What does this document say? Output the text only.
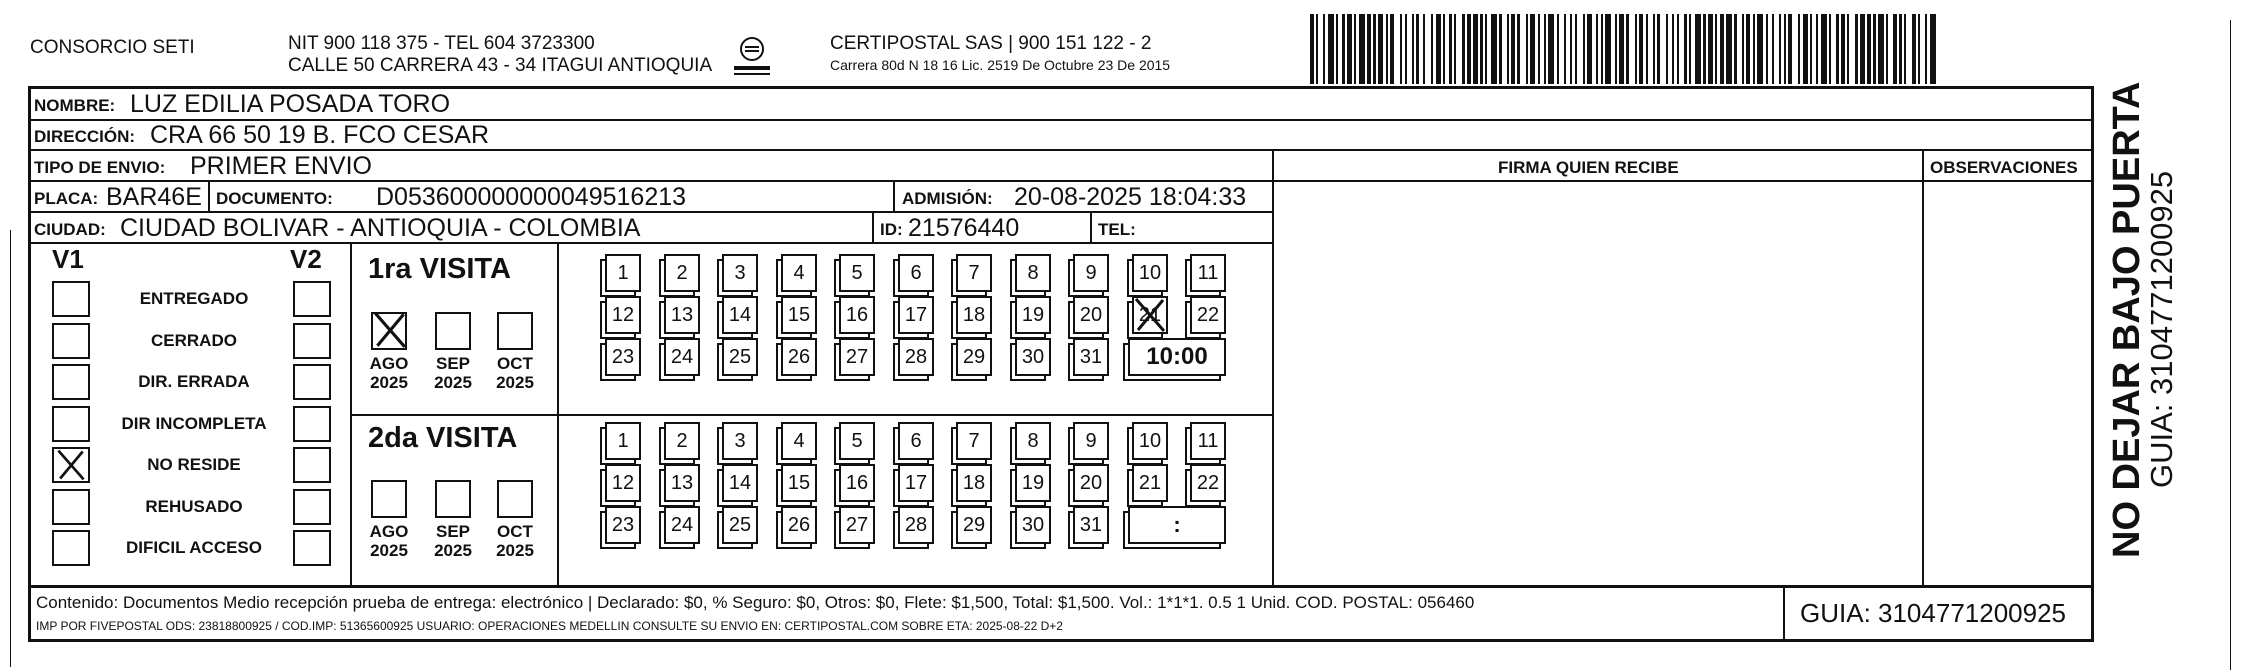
CONSORCIO SETI	NIT 900 118 375 - TEL 604 3723300
CALLE 50 CARRERA 43 - 34 ITAGUI ANTIOQUIA
CERTIPOSTAL SAS | 900 151 122 - 2
Carrera 80d N 18 16 Lic. 2519 De Octubre 23 De 2015
NOMBRE: LUZ EDILIA POSADA TORO
DIRECCIÓN: CRA 66 50 19 B. FCO CESAR
TIPO DE ENVIO: PRIMER ENVIO
PLACA: BAR46E DOCUMENTO: D053600000000049516213	ADMISIÓN: 20-08-2025 18:04:33
CIUDAD: CIUDAD BOLIVAR - ANTIOQUIA - COLOMBIA	ID: 21576440	TEL:
FIRMA QUIEN RECIBE	OBSERVACIONES
V1	V2
ENTREGADO
CERRADO
DIR. ERRADA
DIR INCOMPLETA
NO RESIDE
REHUSADO
DIFICIL ACCESO
1ra VISITA
AGO
2025
SEP
2025
OCT
2025
1	2	3	4	5	6	7	8	9	10	11
12	13	14	15	16	17	18	19	20	21	22
23	24	25	26	27	28	29	30	31	10:00
2da VISITA
AGO
2025
SEP
2025
OCT
2025
1	2	3	4	5	6	7	8	9	10	11
12	13	14	15	16	17	18	19	20	21	22
23	24	25	26	27	28	29	30	31	:
Contenido: Documentos Medio recepción prueba de entrega: electrónico | Declarado: $0, % Seguro: $0, Otros: $0, Flete: $1,500, Total: $1,500. Vol.: 1*1*1. 0.5 1 Unid. COD. POSTAL: 056460
IMP POR FIVEPOSTAL ODS: 23818800925 / COD.IMP: 51365600925 USUARIO: OPERACIONES MEDELLIN CONSULTE SU ENVIO EN: CERTIPOSTAL.COM SOBRE ETA: 2025-08-22 D+2	GUIA: 3104771200925
NO DEJAR BAJO PUERTA
GUIA: 3104771200925
